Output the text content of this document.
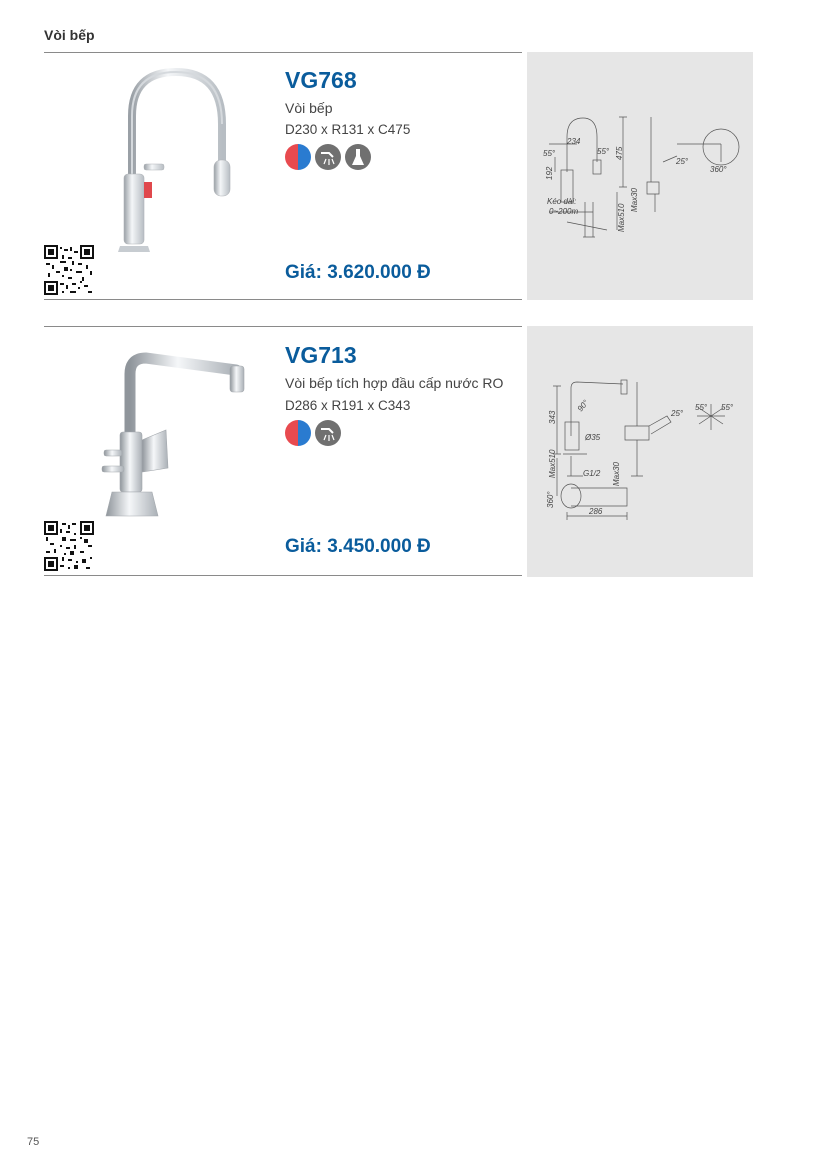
Vòi bếp
VG768
Vòi bếp
D230 x R131 x C475
Giá: 3.620.000 Đ
234
55°	55° 475
192
25°
360°
Kéo dài:
0~200m	Max510
Max30
VG713
Vòi bếp tích hợp đầu cấp nước RO
D286 x R191 x C343
Giá: 3.450.000 Đ
343
90°
Ø35
Max510	G1/2 Max30
25°
55° 55°
360°
286
75
